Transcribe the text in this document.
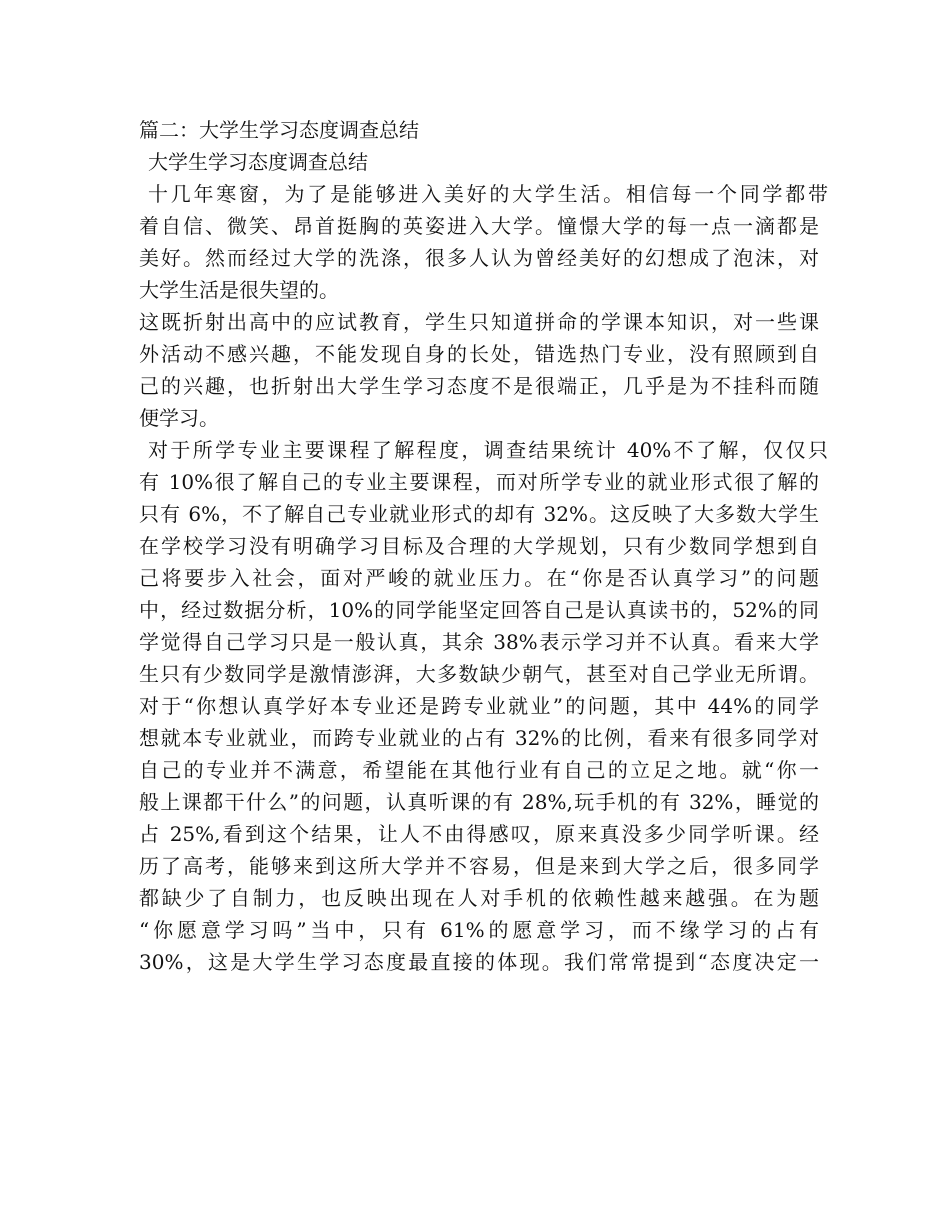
篇二：大学生学习态度调查总结
大学生学习态度调查总结
十几年寒窗，为了是能够进入美好的大学生活。相信每一个同学都带
着自信、微笑、昂首挺胸的英姿进入大学。憧憬大学的每一点一滴都是
美好。然而经过大学的洗涤，很多人认为曾经美好的幻想成了泡沫，对
大学生活是很失望的。
这既折射出高中的应试教育，学生只知道拼命的学课本知识，对一些课
外活动不感兴趣，不能发现自身的长处，错选热门专业，没有照顾到自
己的兴趣，也折射出大学生学习态度不是很端正，几乎是为不挂科而随
便学习。
对于所学专业主要课程了解程度，调查结果统计 40%不了解，仅仅只
有 10%很了解自己的专业主要课程，而对所学专业的就业形式很了解的
只有 6%，不了解自己专业就业形式的却有 32%。这反映了大多数大学生
在学校学习没有明确学习目标及合理的大学规划，只有少数同学想到自
己将要步入社会，面对严峻的就业压力。在“你是否认真学习”的问题
中，经过数据分析，10%的同学能坚定回答自己是认真读书的，52%的同
学觉得自己学习只是一般认真，其余 38%表示学习并不认真。看来大学
生只有少数同学是激情澎湃，大多数缺少朝气，甚至对自己学业无所谓。
对于“你想认真学好本专业还是跨专业就业”的问题，其中 44%的同学
想就本专业就业，而跨专业就业的占有 32%的比例，看来有很多同学对
自己的专业并不满意，希望能在其他行业有自己的立足之地。就“你一
般上课都干什么”的问题，认真听课的有 28%,玩手机的有 32%，睡觉的
占 25%,看到这个结果，让人不由得感叹，原来真没多少同学听课。经
历了高考，能够来到这所大学并不容易，但是来到大学之后，很多同学
都缺少了自制力，也反映出现在人对手机的依赖性越来越强。在为题
“你愿意学习吗”当中，只有 61%的愿意学习，而不缘学习的占有
30%，这是大学生学习态度最直接的体现。我们常常提到“态度决定一
